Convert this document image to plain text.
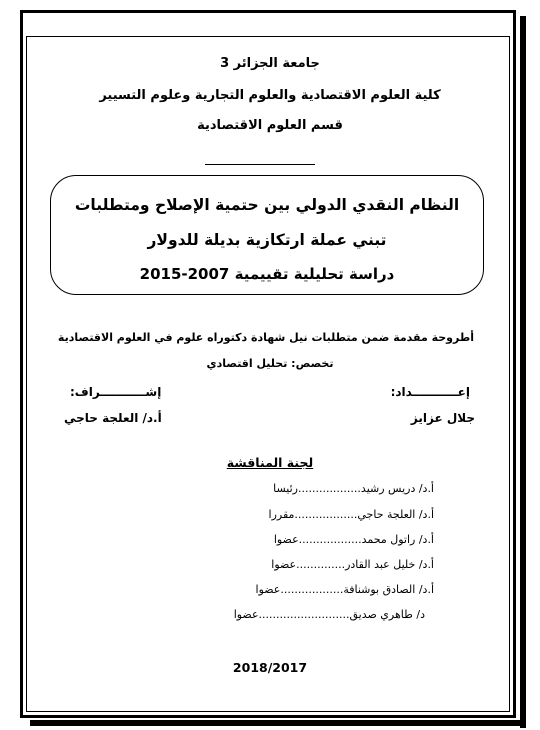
جامعة الجزائر 3
كلية العلوم الاقتصادية والعلوم التجارية وعلوم التسيير
قسم العلوم الاقتصادية
النظام النقدي الدولي بين حتمية الإصلاح ومتطلبات
تبني عملة ارتكازية بديلة للدولار
دراسة تحليلية تقييمية 2007-2015
أطروحة مقدمة ضمن متطلبات نيل شهادة دكتوراه علوم في العلوم الاقتصادية
تخصص: تحليل اقتصادي
إعـــــــــــداد:
إشـــــــــــراف:
جلال عزايز
أ.د/ العلجة حاجي
لجنة المناقشة
أ.د/ دريس رشيد..................رئيسا
أ.د/ العلجة حاجي..................مقررا
أ.د/ راتول محمد..................عضوا
أ.د/ خليل عبد القادر..............عضوا
أ.د/ الصادق بوشنافة..................عضوا
د/ طاهري صديق..........................عضوا
2018/2017
